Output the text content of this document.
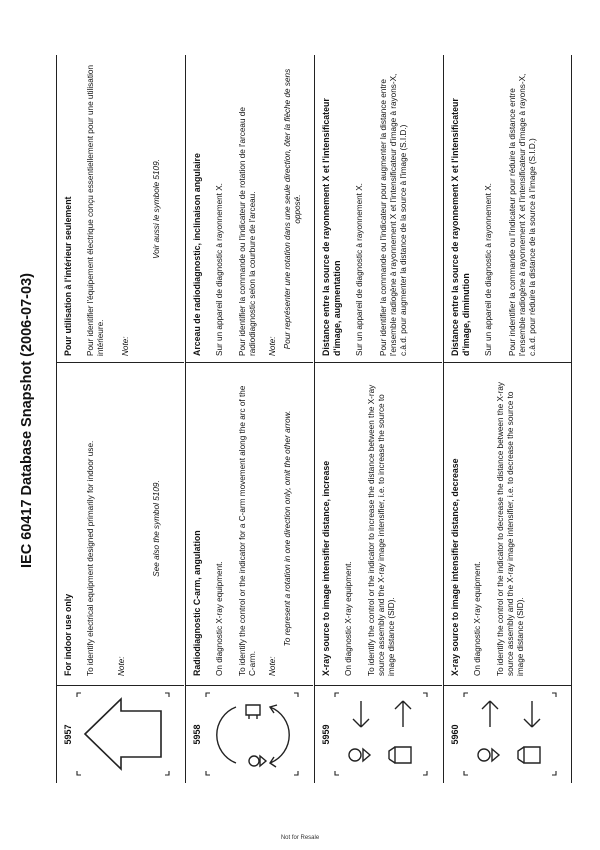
IEC 60417 Database Snapshot (2006-07-03)
5957
For indoor use only To identify electrical equipment designed primarily for indoor use.	Note:
See also the symbol 5109.
Pour utilisation à l'intérieur seulement Pour identifier l'équipement électrique conçu essentiellement pour une utilisation intérieure. Note:
Voir aussi le symbole 5109.
5958
Radiodiagnostic C-arm, angulation On diagnostic X-ray equipment. To identify the control or the indicator for a C-arm movement along the arc of the C-arm. Note:
To represent a rotation in one direction only, omit the other arrow.
Arceau de radiodiagnostic, inclinaison angulaire Sur un appareil de diagnostic à rayonnement X. Pour identifier la commande ou l'indicateur de rotation de l'arceau de radiodiagnostic selon la courbure de l'arceau. Note: Pour représenter une rotation dans une seule direction, ôter la flèche de sens opposé.
5959
X-ray source to image intensifier distance, increase On diagnostic X-ray equipment. To identify the control or the indicator to increase the distance between the X-ray source assembly and the X-ray image intensifier, i.e. to increase the source to image distance (SID).
Distance entre la source de rayonnement X et l'intensificateur d'image, augmentation Sur un appareil de diagnostic à rayonnement X. Pour identifier la commande ou l'indicateur pour augmenter la distance entre l'ensemble radiogène à rayonnement X et l'intensificateur d'image à rayons-X, c.à.d. pour augmenter la distance de la source à l'image (S.I.D.)
5960
X-ray source to image intensifier distance, decrease On diagnostic X-ray equipment. To identify the control or the indicator to decrease the distance between the X-ray source assembly and the X-ray image intensifier, i.e. to decrease the source to image distance (SID).
Distance entre la source de rayonnement X et l'intensificateur d'image, diminution Sur un appareil de diagnostic à rayonnement X. Pour indentifier la commande ou l'indicateur pour réduire la distance entre l'ensemble radiogène à rayonnement X et l'intensificateur d'image à rayons-X, c.à.d. pour réduire la distance de la source à l'image (S.I.D.)
Not for Resale
